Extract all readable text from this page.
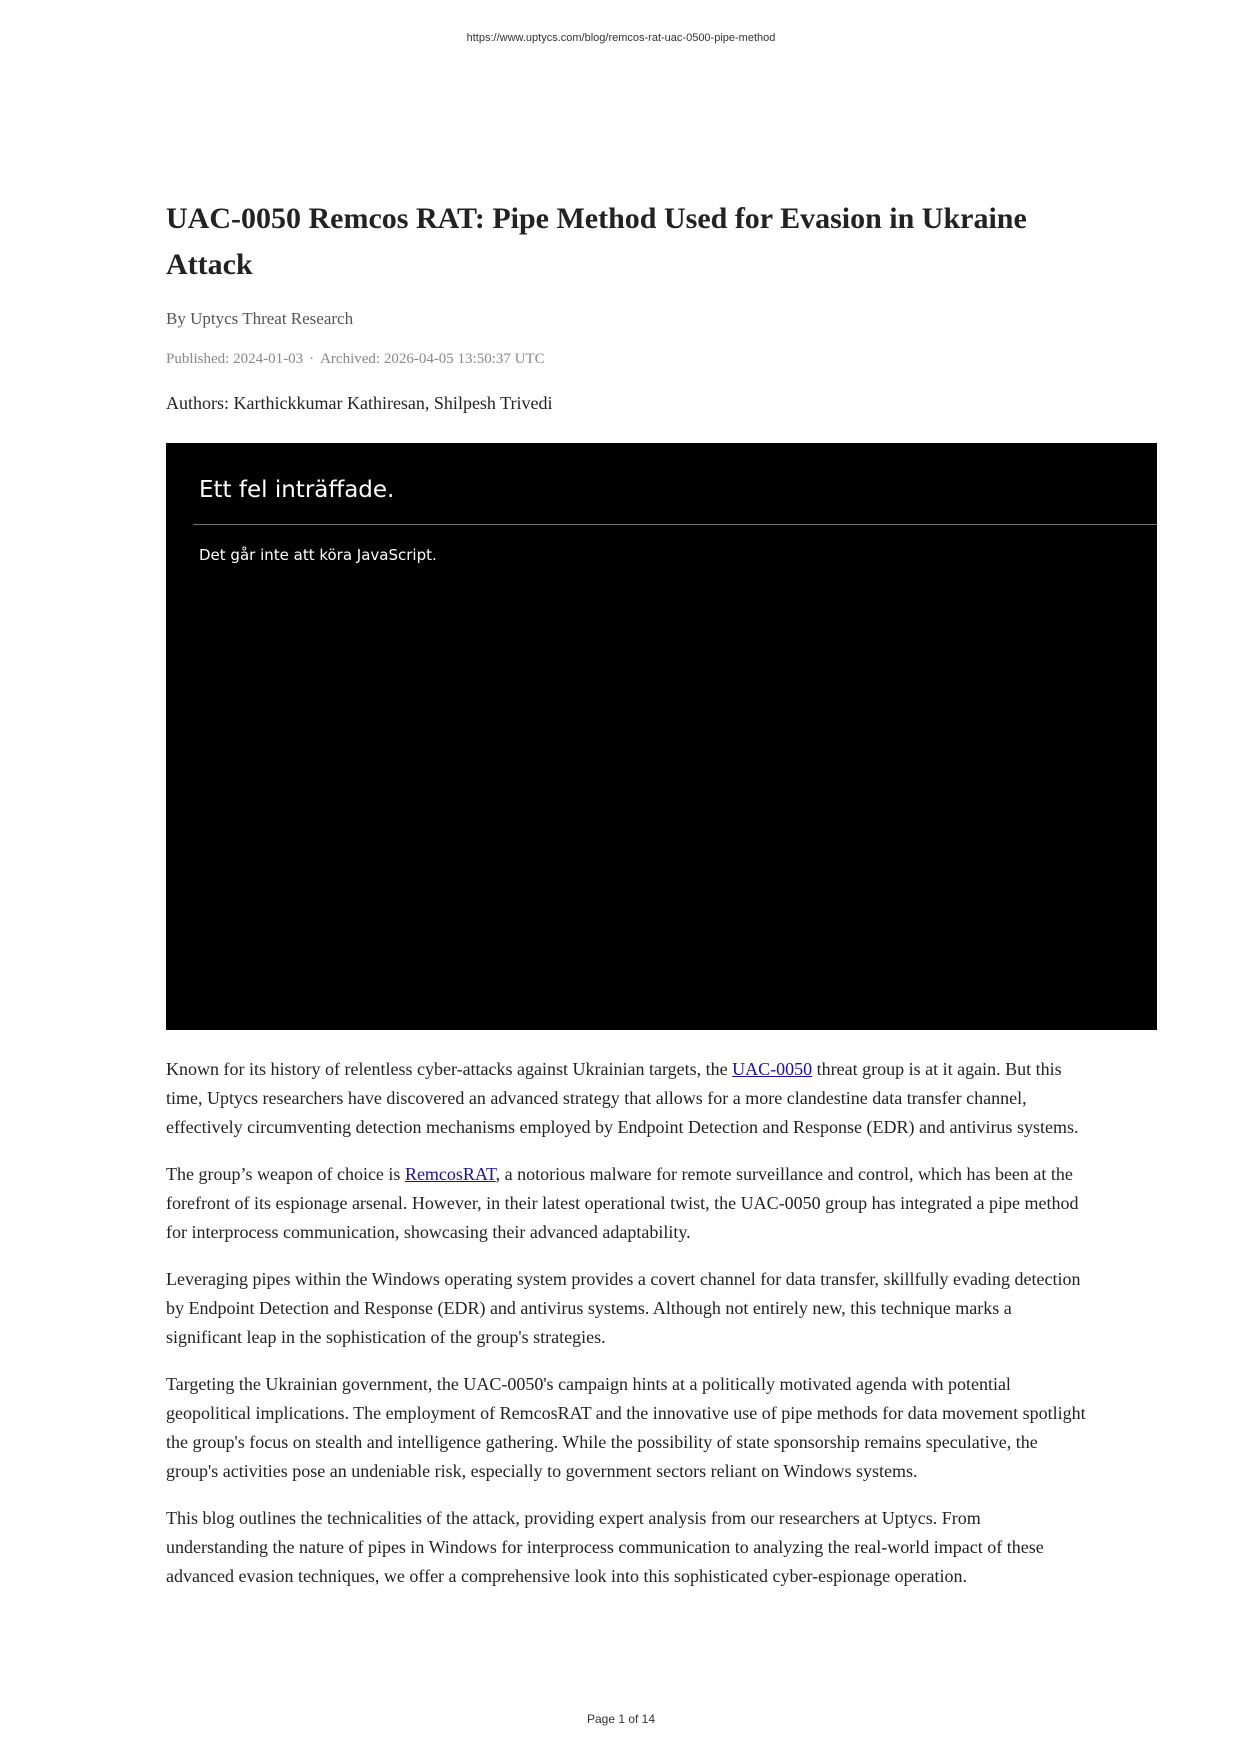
https://www.uptycs.com/blog/remcos-rat-uac-0500-pipe-method
UAC-0050 Remcos RAT: Pipe Method Used for Evasion in Ukraine Attack
By Uptycs Threat Research
Published: 2024-01-03 · Archived: 2026-04-05 13:50:37 UTC
Authors: Karthickkumar Kathiresan, Shilpesh Trivedi
Ett fel inträffade.
Det går inte att köra JavaScript.

Known for its history of relentless cyber-attacks against Ukrainian targets, the UAC-0050 threat group is at it again. But this time, Uptycs researchers have discovered an advanced strategy that allows for a more clandestine data transfer channel, effectively circumventing detection mechanisms employed by Endpoint Detection and Response (EDR) and antivirus systems.

The group’s weapon of choice is RemcosRAT, a notorious malware for remote surveillance and control, which has been at the forefront of its espionage arsenal. However, in their latest operational twist, the UAC-0050 group has integrated a pipe method for interprocess communication, showcasing their advanced adaptability.

Leveraging pipes within the Windows operating system provides a covert channel for data transfer, skillfully evading detection by Endpoint Detection and Response (EDR) and antivirus systems. Although not entirely new, this technique marks a significant leap in the sophistication of the group's strategies.

Targeting the Ukrainian government, the UAC-0050's campaign hints at a politically motivated agenda with potential geopolitical implications. The employment of RemcosRAT and the innovative use of pipe methods for data movement spotlight the group's focus on stealth and intelligence gathering. While the possibility of state sponsorship remains speculative, the group's activities pose an undeniable risk, especially to government sectors reliant on Windows systems.

This blog outlines the technicalities of the attack, providing expert analysis from our researchers at Uptycs. From understanding the nature of pipes in Windows for interprocess communication to analyzing the real-world impact of these advanced evasion techniques, we offer a comprehensive look into this sophisticated cyber-espionage operation.

Page 1 of 14
